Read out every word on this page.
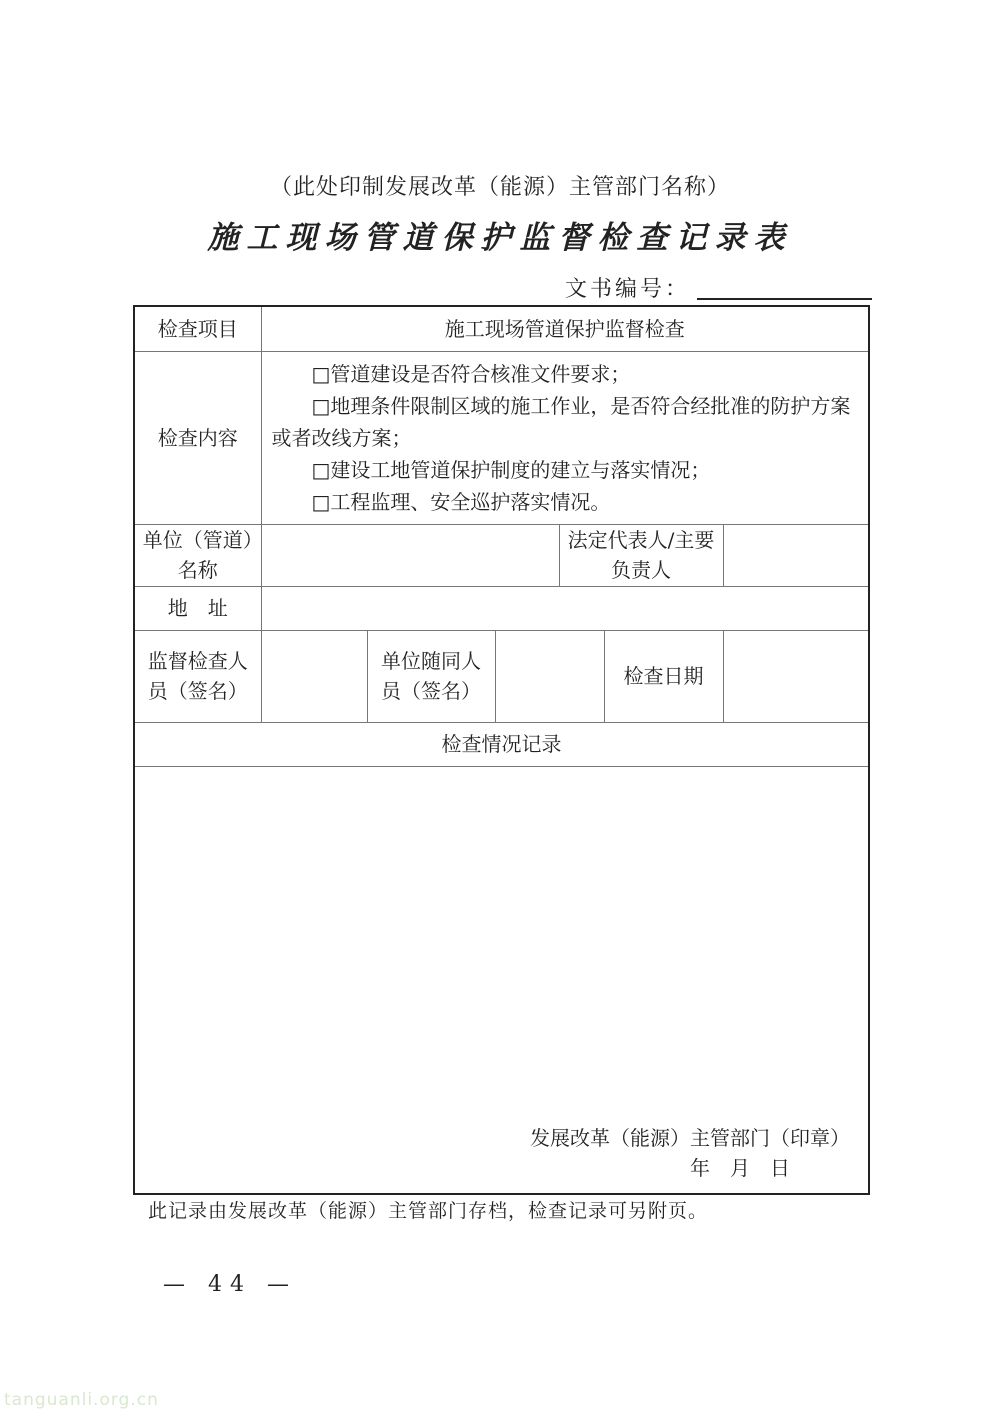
（此处印制发展改革（能源）主管部门名称）
施工现场管道保护监督检查记录表
文书编号：
检查项目	施工现场管道保护监督检查					
检查内容	□管道建设是否符合核准文件要求；

□地理条件限制区域的施工作业，是否符合经批准的防护方案或者改线方案；

□建设工地管道保护制度的建立与落实情况；

□工程监理、安全巡护落实情况。					

单位（管道）名称				法定代表人/主要负责人		
地　址						
监督检查人员（签名）		单位随同人员（签名）			检查日期	
检查情况记录						

发展改革（能源）主管部门（印章）

年　月　日						

此记录由发展改革（能源）主管部门存档，检查记录可另附页。
— 44 —
tanguanli.org.cn
